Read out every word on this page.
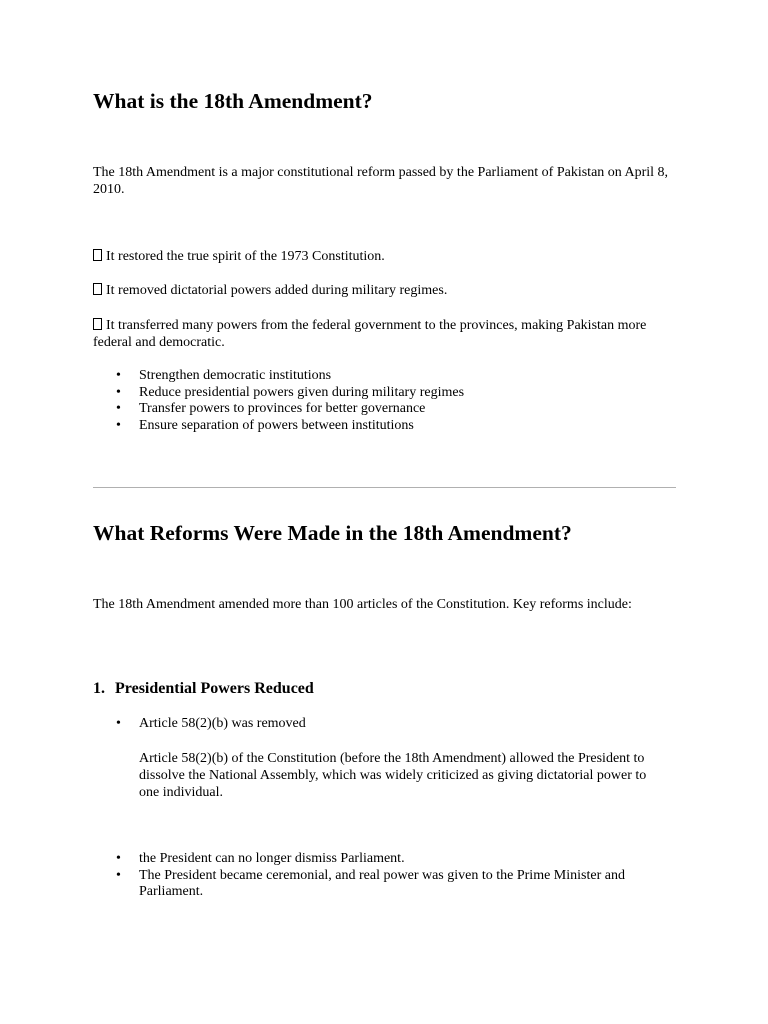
What is the 18th Amendment?

The 18th Amendment is a major constitutional reform passed by the Parliament of Pakistan on April 8, 2010.

It restored the true spirit of the 1973 Constitution.

It removed dictatorial powers added during military regimes.

It transferred many powers from the federal government to the provinces, making Pakistan more federal and democratic.

• Strengthen democratic institutions
• Reduce presidential powers given during military regimes
• Transfer powers to provinces for better governance
• Ensure separation of powers between institutions
What Reforms Were Made in the 18th Amendment?

The 18th Amendment amended more than 100 articles of the Constitution. Key reforms include:

1. Presidential Powers Reduced
• Article 58(2)(b) was removed

Article 58(2)(b) of the Constitution (before the 18th Amendment) allowed the President to dissolve the National Assembly, which was widely criticized as giving dictatorial power to one individual.

• the President can no longer dismiss Parliament.
• The President became ceremonial, and real power was given to the Prime Minister and Parliament.
